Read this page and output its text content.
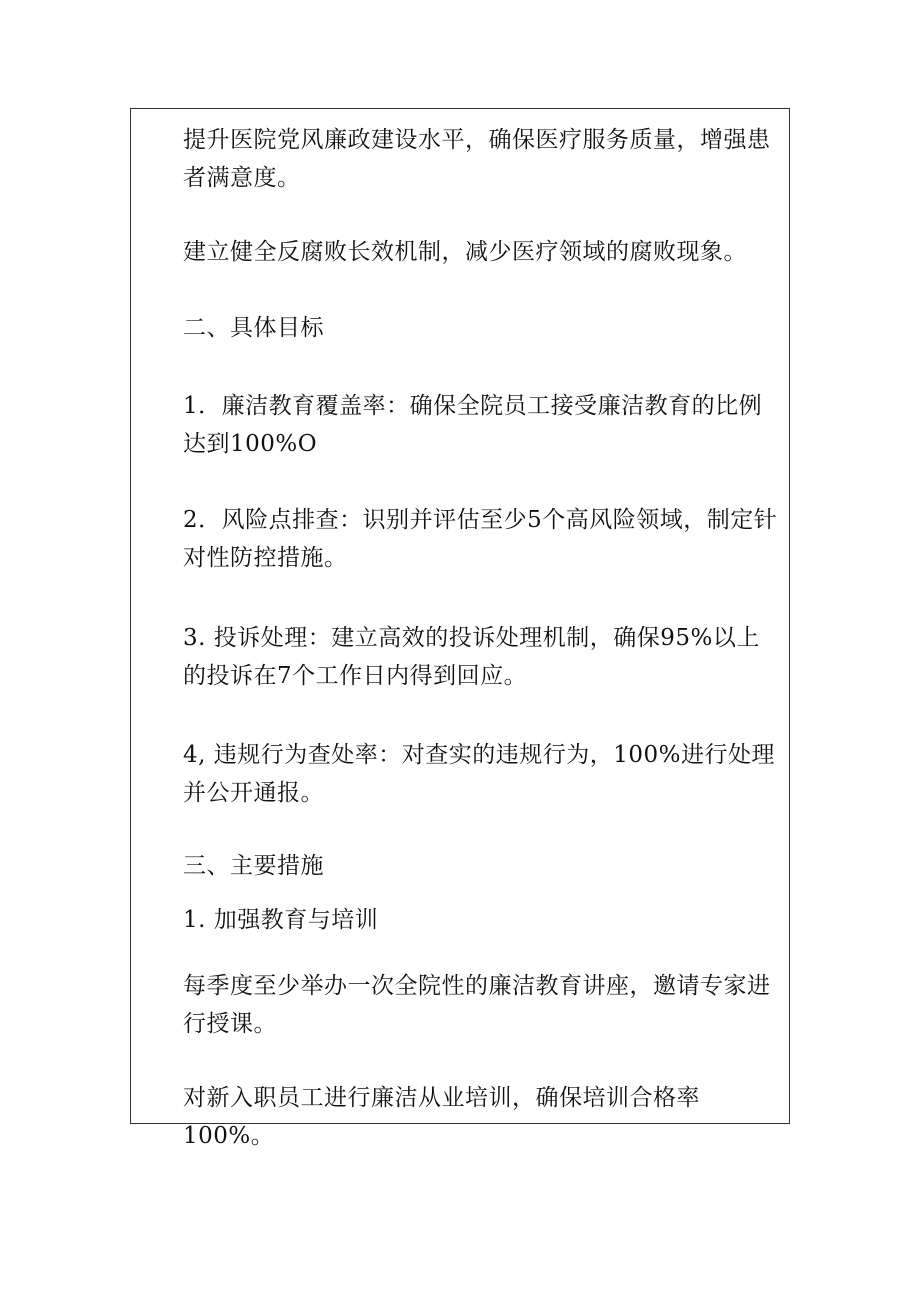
提升医院党风廉政建设水平，确保医疗服务质量，增强患者满意度。

建立健全反腐败长效机制，减少医疗领域的腐败现象。

二、具体目标

1．廉洁教育覆盖率：确保全院员工接受廉洁教育的比例达到100%O

2．风险点排查：识别并评估至少5个高风险领域，制定针对性防控措施。

3. 投诉处理：建立高效的投诉处理机制，确保95%以上的投诉在7个工作日内得到回应。

4, 违规行为查处率：对查实的违规行为，100%进行处理并公开通报。

三、主要措施

1. 加强教育与培训

每季度至少举办一次全院性的廉洁教育讲座，邀请专家进行授课。

对新入职员工进行廉洁从业培训，确保培训合格率100%。
